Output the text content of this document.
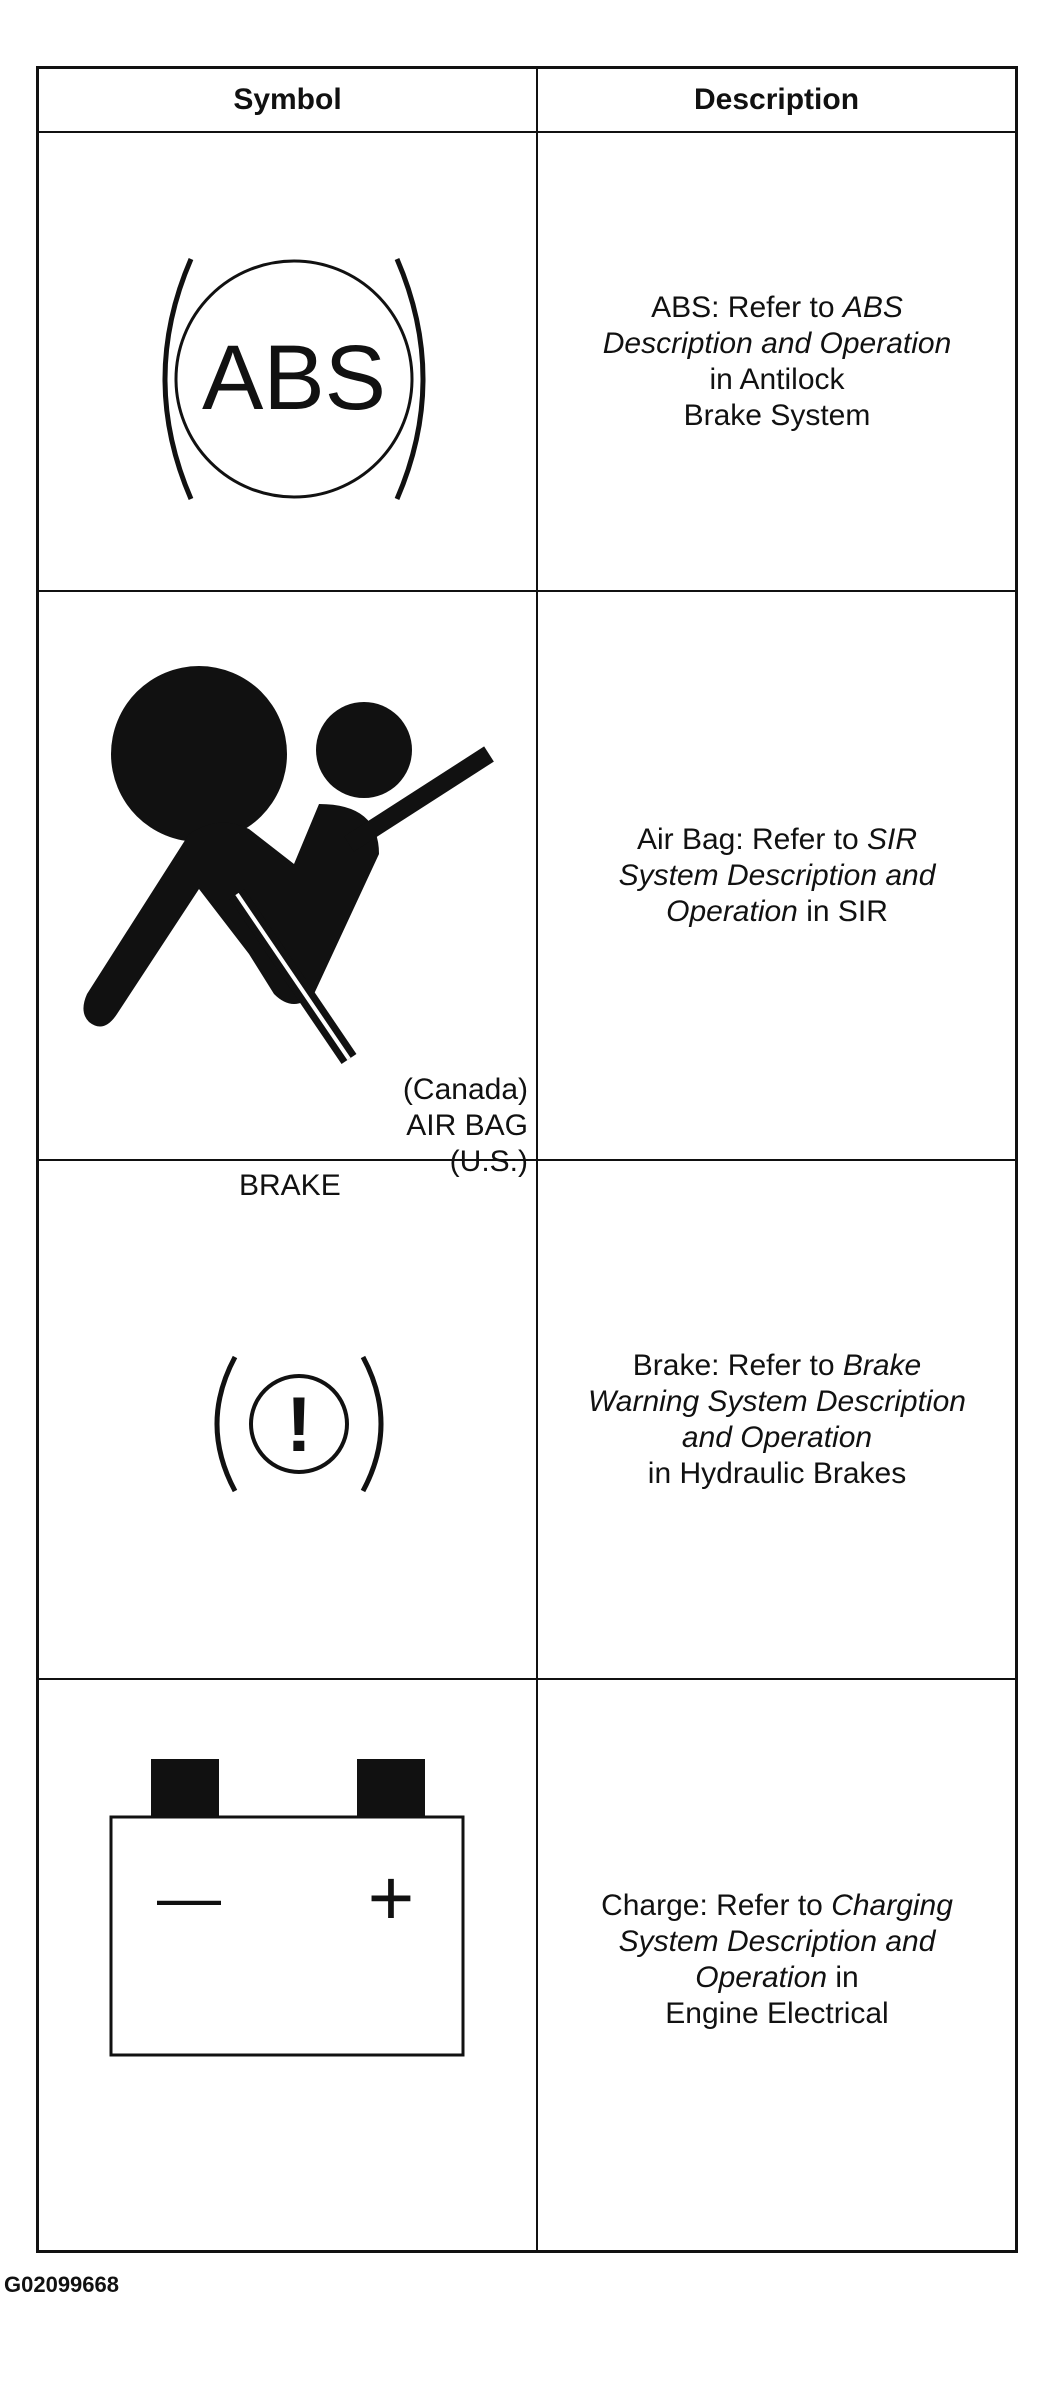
Symbol	Description
ABS
ABS: Refer to ABS
Description and Operation
in Antilock
Brake System
(Canada)
AIR BAG
(U.S.)
Air Bag: Refer to SIR
System Description and
Operation in SIR
BRAKE
!
Brake: Refer to Brake
Warning System Description
and Operation
in Hydraulic Brakes
— +	Charge: Refer to Charging
System Description and
Operation in
Engine Electrical
G02099668
